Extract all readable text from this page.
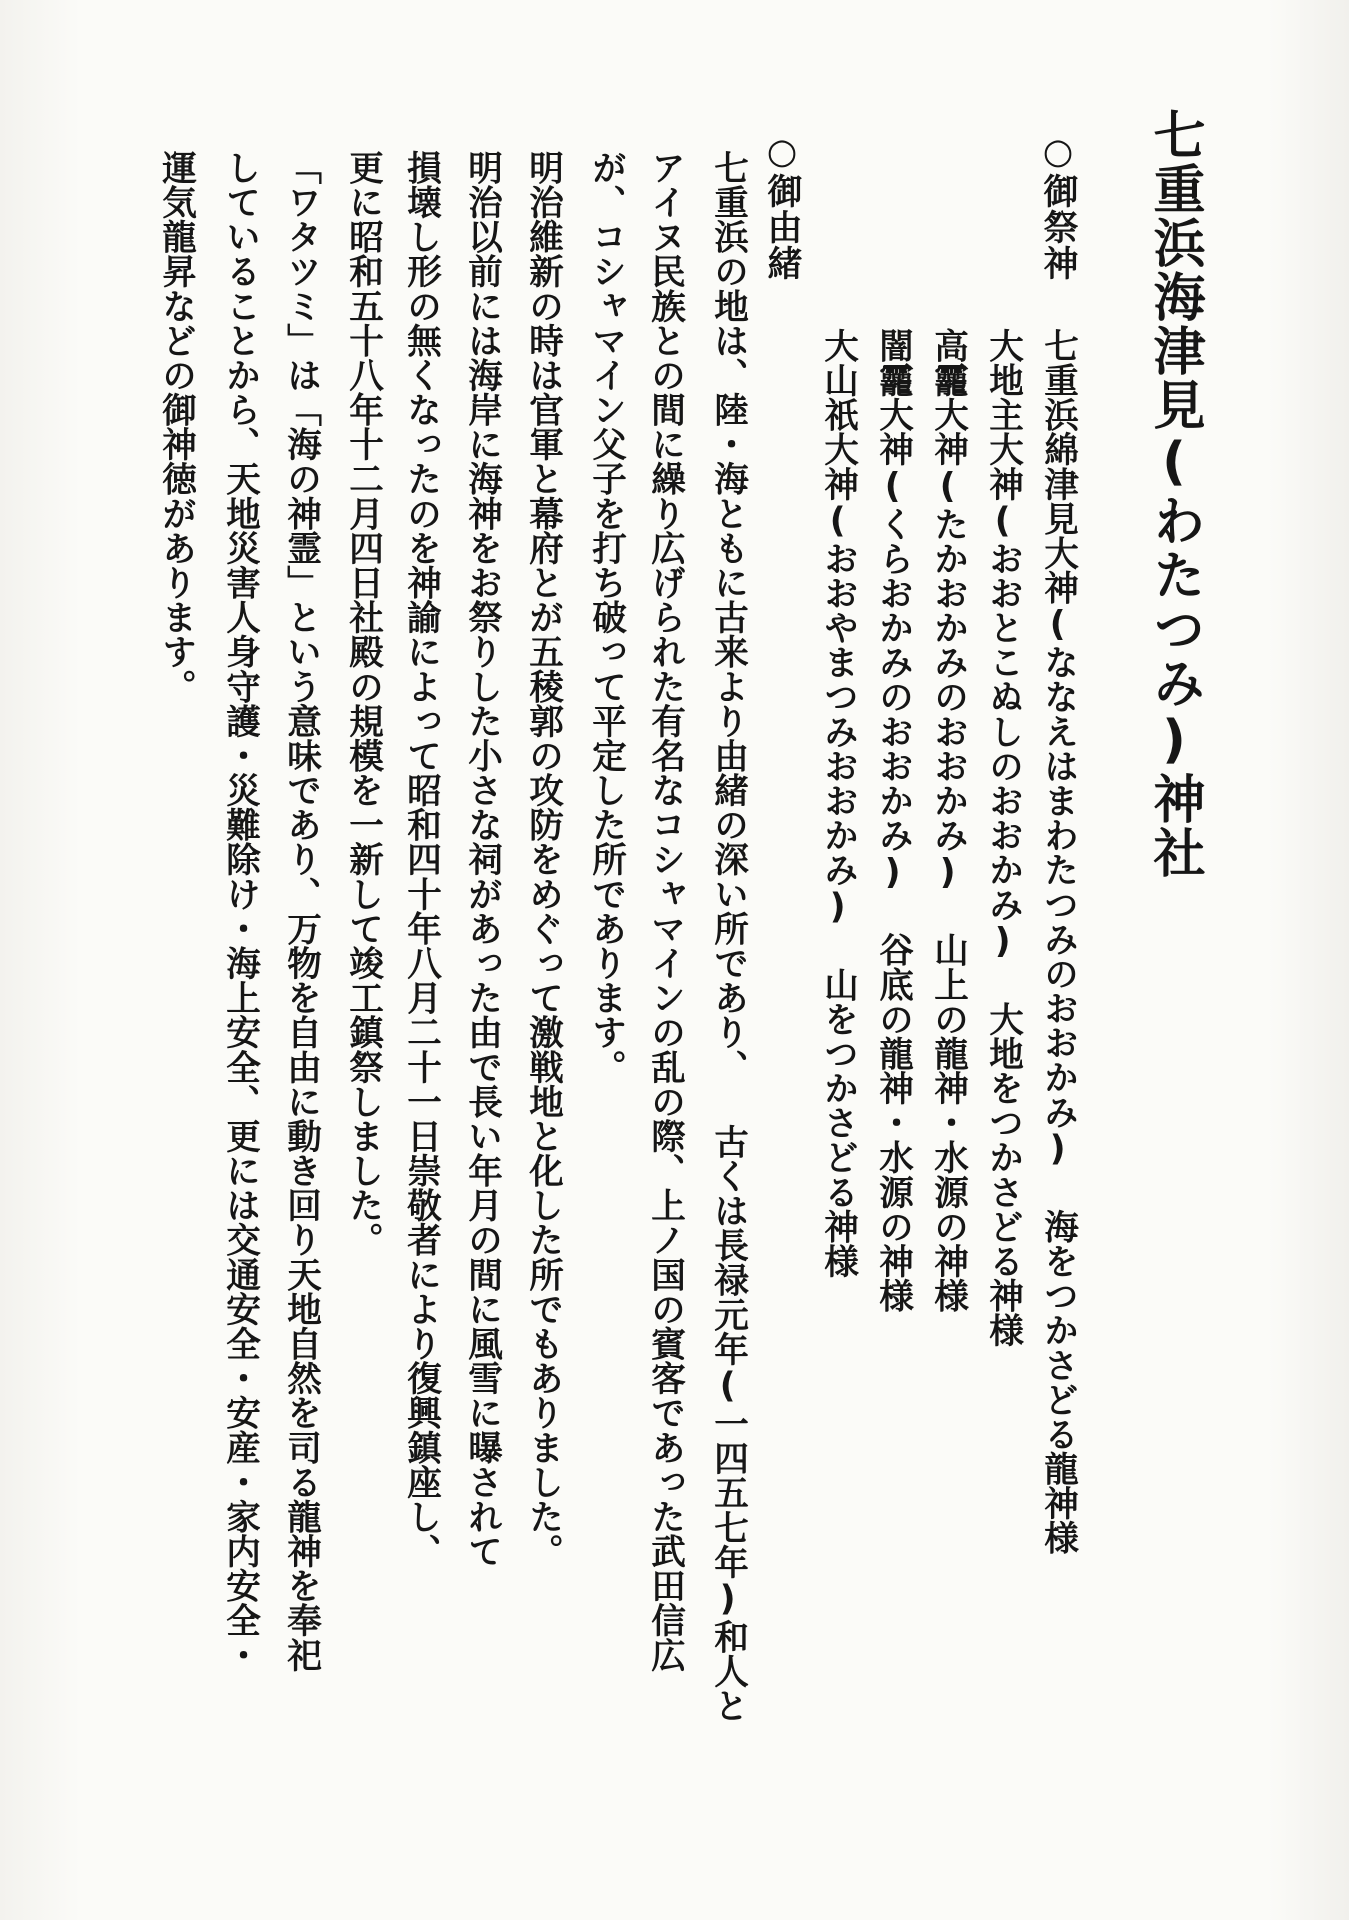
七重浜海津見(わたつみ)神社
○御祭神
七重浜綿津見大神(ななえはまわたつみのおおかみ) 海をつかさどる龍神様
大地主大神(おおとこぬしのおおかみ) 大地をつかさどる神様
高龗大神(たかおかみのおおかみ) 山上の龍神・水源の神様
闇龗大神(くらおかみのおおかみ) 谷底の龍神・水源の神様
大山祇大神(おおやまつみおおかみ) 山をつかさどる神様
○御由緒
七重浜の地は、陸・海ともに古来より由緒の深い所であり、 古くは長禄元年(一四五七年)和人と
アイヌ民族との間に繰り広げられた有名なコシャマインの乱の際、上ノ国の賓客であった武田信広
が、コシャマイン父子を打ち破って平定した所であります。
明治維新の時は官軍と幕府とが五稜郭の攻防をめぐって激戦地と化した所でもありました。
明治以前には海岸に海神をお祭りした小さな祠があった由で長い年月の間に風雪に曝されて
損壊し形の無くなったのを神諭によって昭和四十年八月二十一日崇敬者により復興鎮座し、
更に昭和五十八年十二月四日社殿の規模を一新して竣工鎮祭しました。
「ワタツミ」は「海の神霊」という意味であり、万物を自由に動き回り天地自然を司る龍神を奉祀
していることから、天地災害人身守護・災難除け・海上安全、更には交通安全・安産・家内安全・
運気龍昇などの御神徳があります。
